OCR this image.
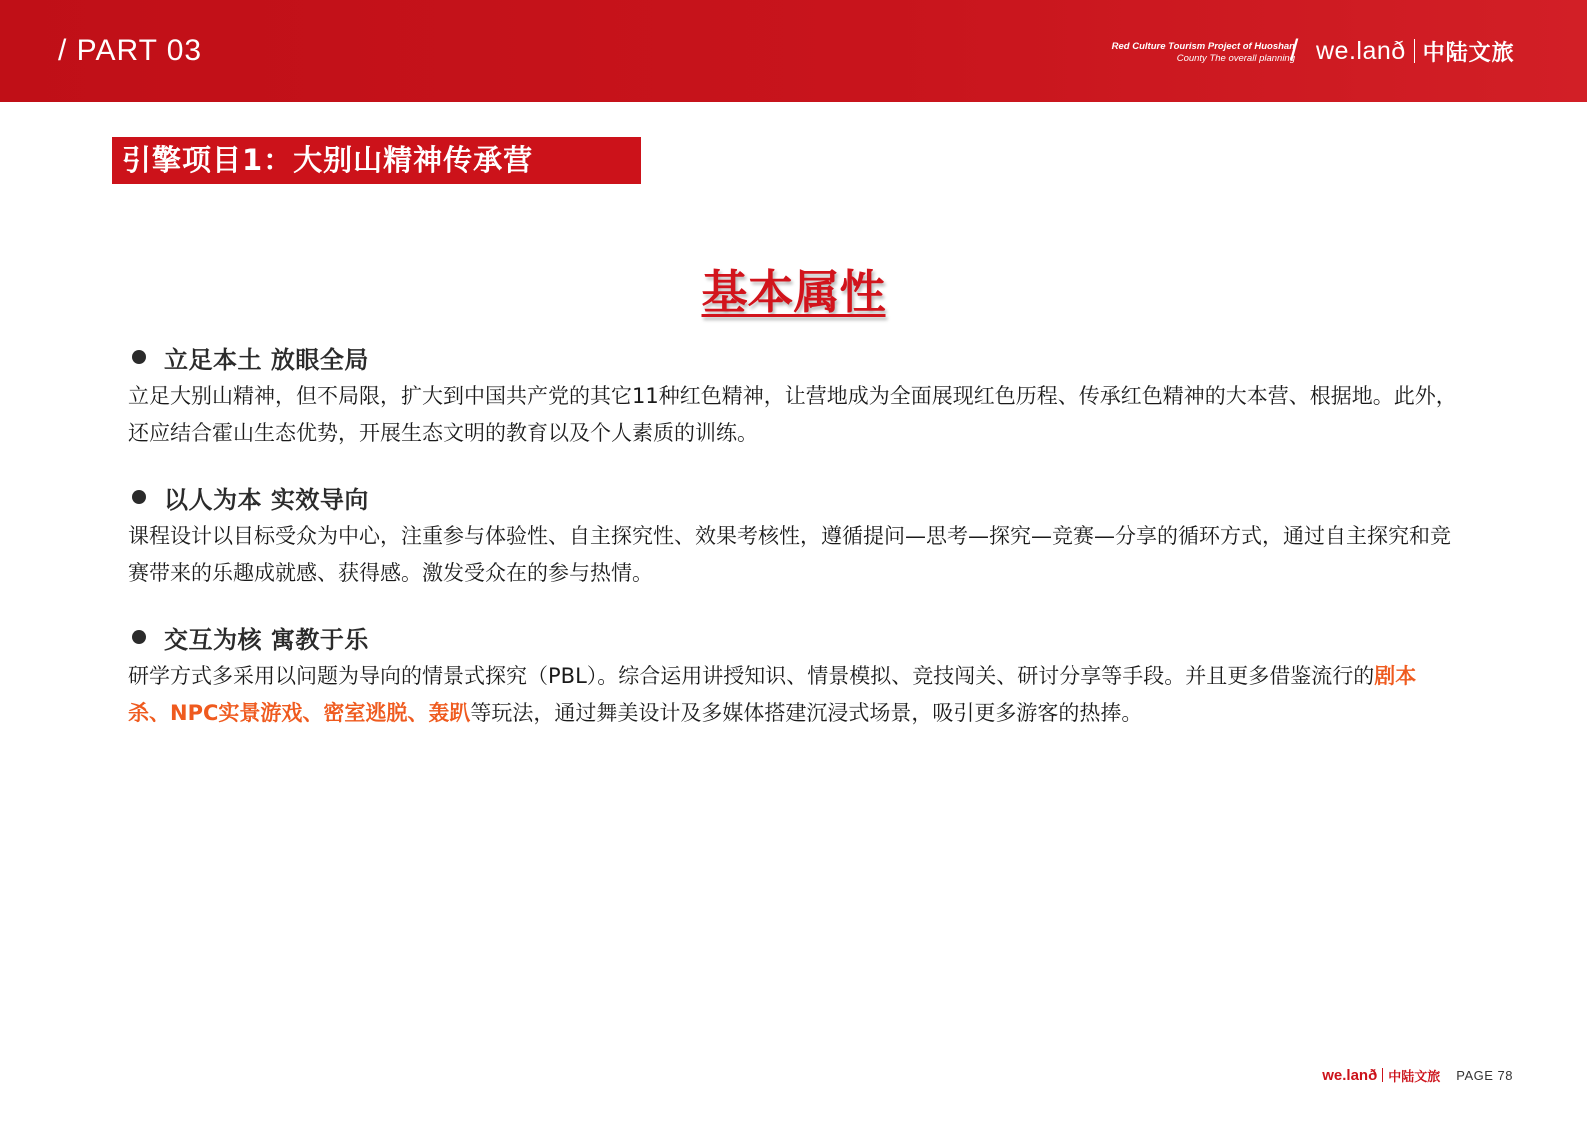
/ PART 03	Red Culture Tourism Project of Huoshan
County The overall planning
/ we.lanð 中陆文旅
引擎项目1：大别山精神传承营
基本属性
立足本土 放眼全局
立足大别山精神，但不局限，扩大到中国共产党的其它11种红色精神，让营地成为全面展现红色历程、传承红色精神的大本营、根据地。此外，还应结合霍山生态优势，开展生态文明的教育以及个人素质的训练。
以人为本 实效导向
课程设计以目标受众为中心，注重参与体验性、自主探究性、效果考核性，遵循提问—思考—探究—竞赛—分享的循环方式，通过自主探究和竞赛带来的乐趣成就感、获得感。激发受众在的参与热情。
交互为核 寓教于乐
研学方式多采用以问题为导向的情景式探究（PBL）。综合运用讲授知识、情景模拟、竞技闯关、研讨分享等手段。并且更多借鉴流行的剧本杀、NPC实景游戏、密室逃脱、轰趴等玩法，通过舞美设计及多媒体搭建沉浸式场景，吸引更多游客的热捧。
we.lanð 中陆文旅 PAGE 78
